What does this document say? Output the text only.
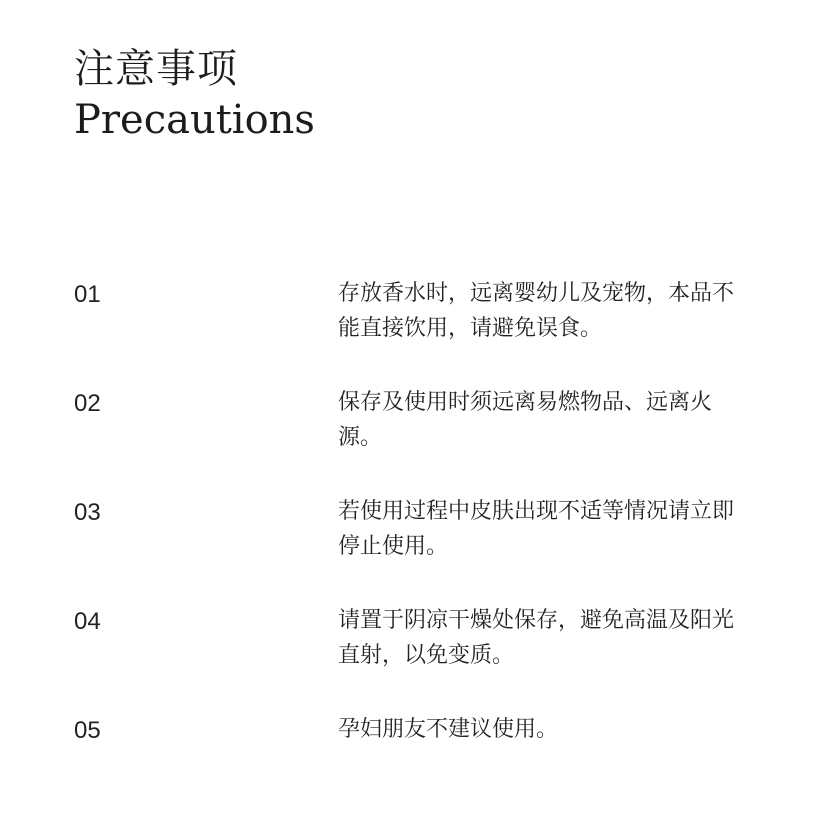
注意事项
Precautions
01	存放香水时，远离婴幼儿及宠物，本品不能直接饮用，请避免误食。
02	保存及使用时须远离易燃物品、远离火源。
03	若使用过程中皮肤出现不适等情况请立即停止使用。
04	请置于阴凉干燥处保存，避免高温及阳光直射，以免变质。
05	孕妇朋友不建议使用。
